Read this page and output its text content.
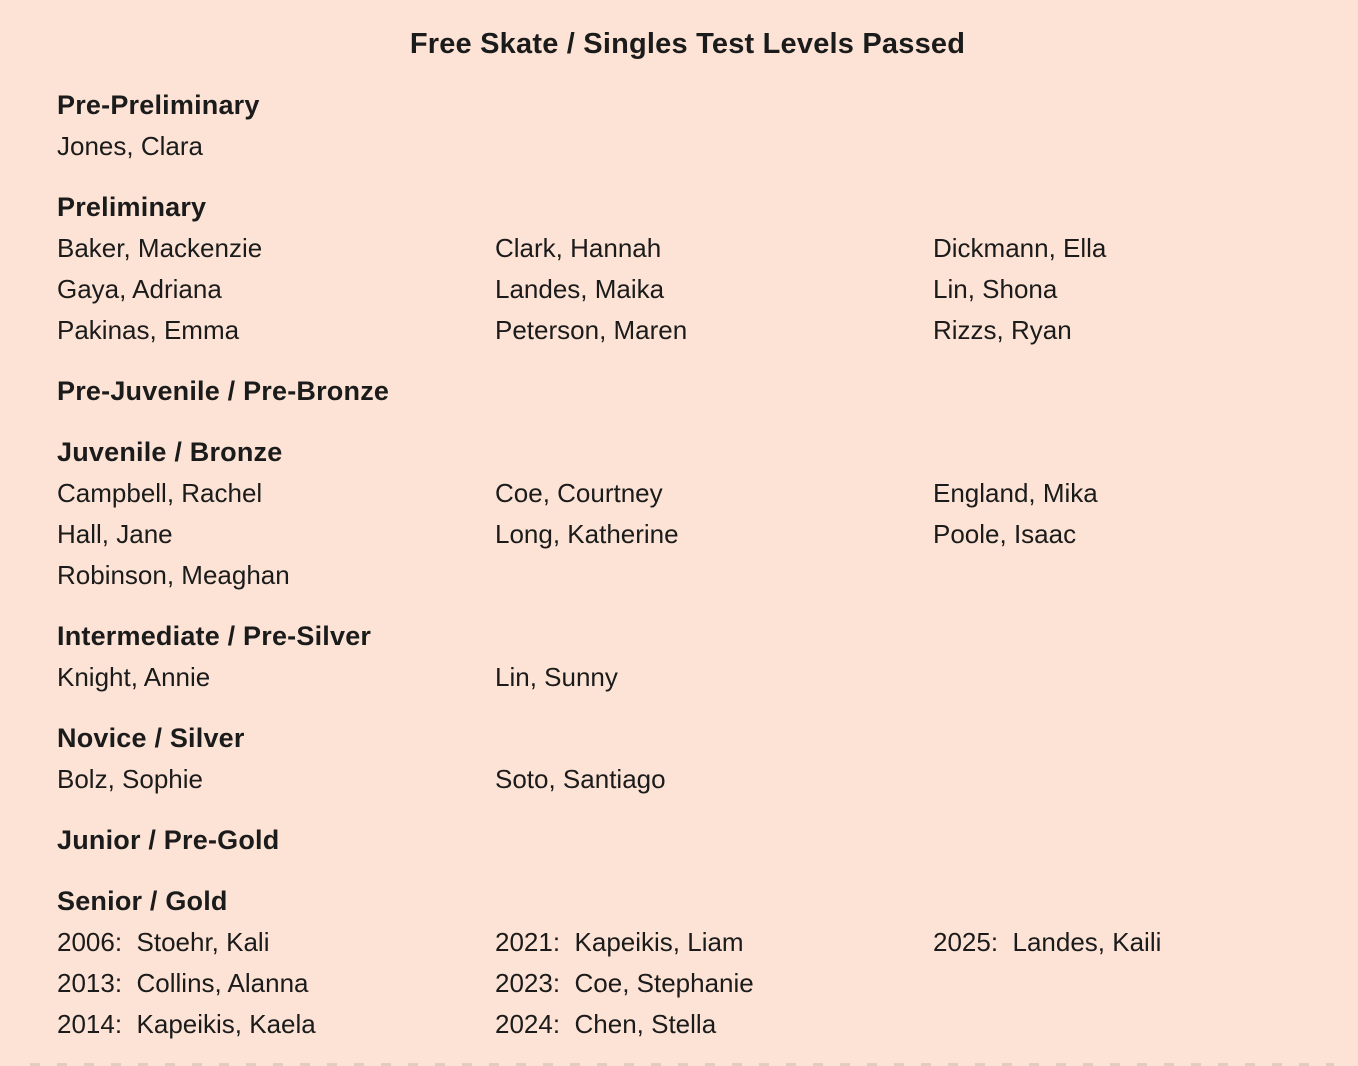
Free Skate / Singles Test Levels Passed
Pre-Preliminary
Jones, Clara
Preliminary
Baker, Mackenzie	Clark, Hannah	Dickmann, Ella
Gaya, Adriana	Landes, Maika	Lin, Shona
Pakinas, Emma	Peterson, Maren	Rizzs, Ryan
Pre-Juvenile / Pre-Bronze
Juvenile / Bronze
Campbell, Rachel	Coe, Courtney	England, Mika
Hall, Jane	Long, Katherine	Poole, Isaac
Robinson, Meaghan
Intermediate / Pre-Silver
Knight, Annie	Lin, Sunny
Novice / Silver
Bolz, Sophie	Soto, Santiago
Junior / Pre-Gold
Senior / Gold
2006:  Stoehr, Kali	2021:  Kapeikis, Liam	2025:  Landes, Kaili
2013:  Collins, Alanna	2023:  Coe, Stephanie
2014:  Kapeikis, Kaela	2024:  Chen, Stella
